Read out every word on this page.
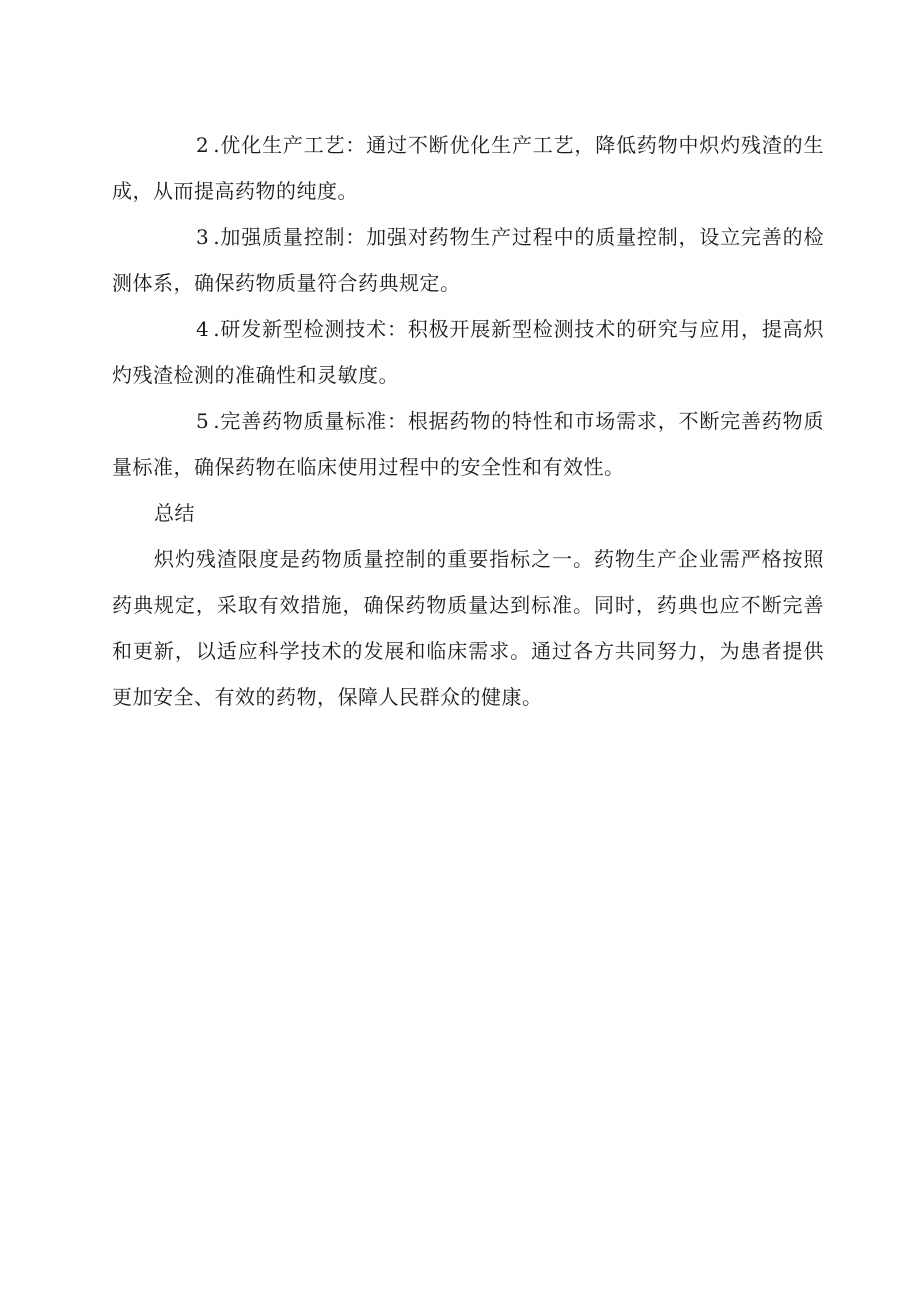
2 .优化生产工艺：通过不断优化生产工艺，降低药物中炽灼残渣的生成，从而提高药物的纯度。

3 .加强质量控制：加强对药物生产过程中的质量控制，设立完善的检测体系，确保药物质量符合药典规定。

4 .研发新型检测技术：积极开展新型检测技术的研究与应用，提高炽灼残渣检测的准确性和灵敏度。

5 .完善药物质量标准：根据药物的特性和市场需求，不断完善药物质量标准，确保药物在临床使用过程中的安全性和有效性。

总结

炽灼残渣限度是药物质量控制的重要指标之一。药物生产企业需严格按照药典规定，采取有效措施，确保药物质量达到标准。同时，药典也应不断完善和更新，以适应科学技术的发展和临床需求。通过各方共同努力，为患者提供更加安全、有效的药物，保障人民群众的健康。
